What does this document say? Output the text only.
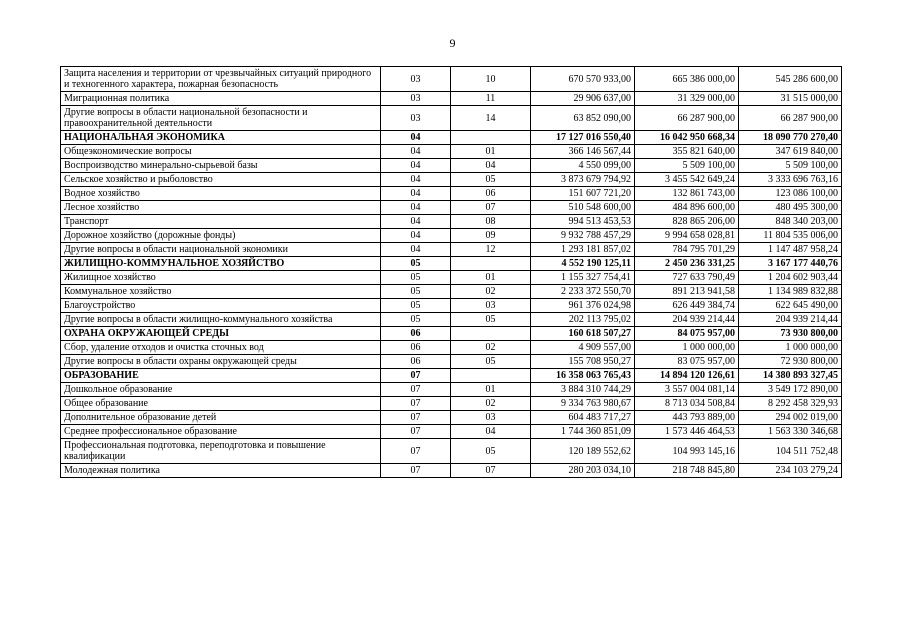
9
Защита населения и территории от чрезвычайных ситуаций природного и техногенного характера, пожарная безопасность	03	10	670 570 933,00	665 386 000,00	545 286 600,00
Миграционная политика	03	11	29 906 637,00	31 329 000,00	31 515 000,00
Другие вопросы в области национальной безопасности и правоохранительной деятельности	03	14	63 852 090,00	66 287 900,00	66 287 900,00
НАЦИОНАЛЬНАЯ ЭКОНОМИКА	04		17 127 016 550,40	16 042 950 668,34	18 090 770 270,40
Общеэкономические вопросы	04	01	366 146 567,44	355 821 640,00	347 619 840,00
Воспроизводство минерально-сырьевой базы	04	04	4 550 099,00	5 509 100,00	5 509 100,00
Сельское хозяйство и рыболовство	04	05	3 873 679 794,92	3 455 542 649,24	3 333 696 763,16
Водное хозяйство	04	06	151 607 721,20	132 861 743,00	123 086 100,00
Лесное хозяйство	04	07	510 548 600,00	484 896 600,00	480 495 300,00
Транспорт	04	08	994 513 453,53	828 865 206,00	848 340 203,00
Дорожное хозяйство (дорожные фонды)	04	09	9 932 788 457,29	9 994 658 028,81	11 804 535 006,00
Другие вопросы в области национальной экономики	04	12	1 293 181 857,02	784 795 701,29	1 147 487 958,24
ЖИЛИЩНО-КОММУНАЛЬНОЕ ХОЗЯЙСТВО	05		4 552 190 125,11	2 450 236 331,25	3 167 177 440,76
Жилищное хозяйство	05	01	1 155 327 754,41	727 633 790,49	1 204 602 903,44
Коммунальное хозяйство	05	02	2 233 372 550,70	891 213 941,58	1 134 989 832,88
Благоустройство	05	03	961 376 024,98	626 449 384,74	622 645 490,00
Другие вопросы в области жилищно-коммунального хозяйства	05	05	202 113 795,02	204 939 214,44	204 939 214,44
ОХРАНА ОКРУЖАЮЩЕЙ СРЕДЫ	06		160 618 507,27	84 075 957,00	73 930 800,00
Сбор, удаление отходов и очистка сточных вод	06	02	4 909 557,00	1 000 000,00	1 000 000,00
Другие вопросы в области охраны окружающей среды	06	05	155 708 950,27	83 075 957,00	72 930 800,00
ОБРАЗОВАНИЕ	07		16 358 063 765,43	14 894 120 126,61	14 380 893 327,45
Дошкольное образование	07	01	3 884 310 744,29	3 557 004 081,14	3 549 172 890,00
Общее образование	07	02	9 334 763 980,67	8 713 034 508,84	8 292 458 329,93
Дополнительное образование детей	07	03	604 483 717,27	443 793 889,00	294 002 019,00
Среднее профессиональное образование	07	04	1 744 360 851,09	1 573 446 464,53	1 563 330 346,68
Профессиональная подготовка, переподготовка и повышение квалификации	07	05	120 189 552,62	104 993 145,16	104 511 752,48
Молодежная политика	07	07	280 203 034,10	218 748 845,80	234 103 279,24
